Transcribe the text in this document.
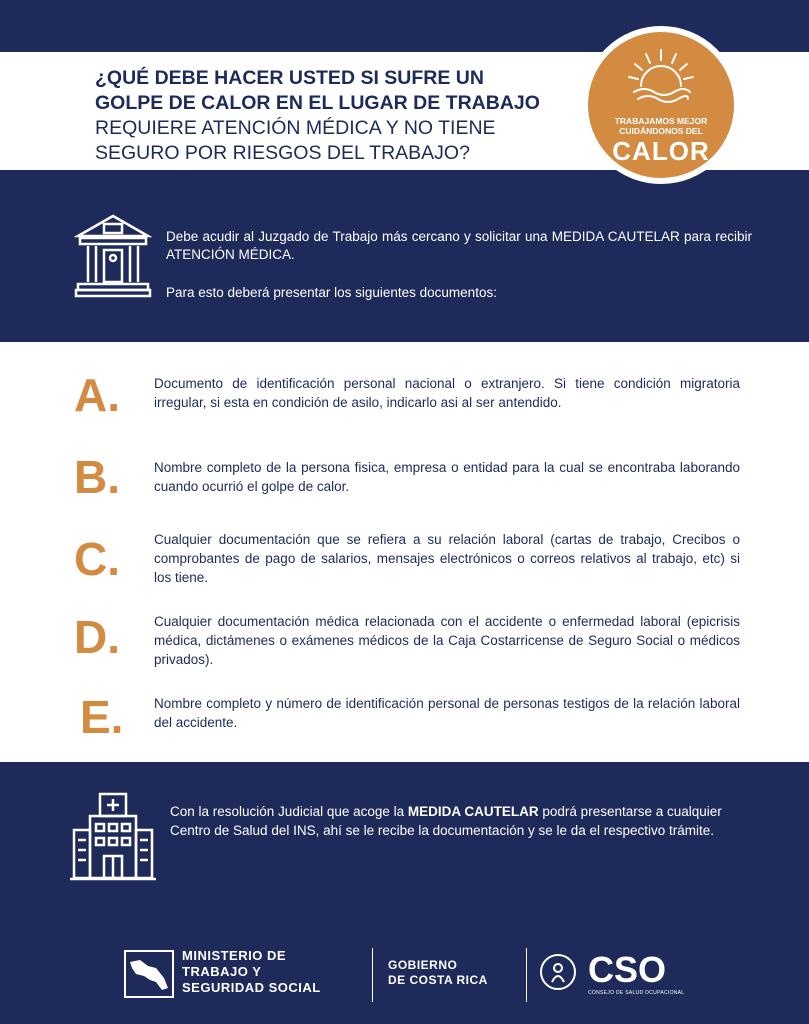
¿QUÉ DEBE HACER USTED SI SUFRE UN
GOLPE DE CALOR EN EL LUGAR DE TRABAJO
REQUIERE ATENCIÓN MÉDICA Y NO TIENE
SEGURO POR RIESGOS DEL TRABAJO?
TRABAJAMOS MEJOR
CUIDÁNDONOS DEL
CALOR
Debe acudir al Juzgado de Trabajo más cercano y solicitar una MEDIDA CAUTELAR para recibir ATENCIÓN MÉDICA.
Para esto deberá presentar los siguientes documentos:
A.	Documento de identificación personal nacional o extranjero. Si tiene condición migratoria irregular, si esta en condición de asilo, indicarlo asi al ser antendido.
B.	Nombre completo de la persona fisica, empresa o entidad para la cual se encontraba laborando cuando ocurrió el golpe de calor.
C.	Cualquier documentación que se refiera a su relación laboral (cartas de trabajo, Crecibos o comprobantes de pago de salarios, mensajes electrónicos o correos relativos al trabajo, etc) si los tiene.
D.	Cualquier documentación médica relacionada con el accidente o enfermedad laboral (epicrisis médica, dictámenes o exámenes médicos de la Caja Costarricense de Seguro Social o médicos privados).
E.	Nombre completo y número de identificación personal de personas testigos de la relación laboral del accidente.
Con la resolución Judicial que acoge la MEDIDA CAUTELAR podrá presentarse a cualquier Centro de Salud del INS, ahí se le recibe la documentación y se le da el respectivo trámite.
MINISTERIO DE
TRABAJO Y
SEGURIDAD SOCIAL
GOBIERNO
DE COSTA RICA	CSO
CONSEJO DE SALUD OCUPACIONAL
